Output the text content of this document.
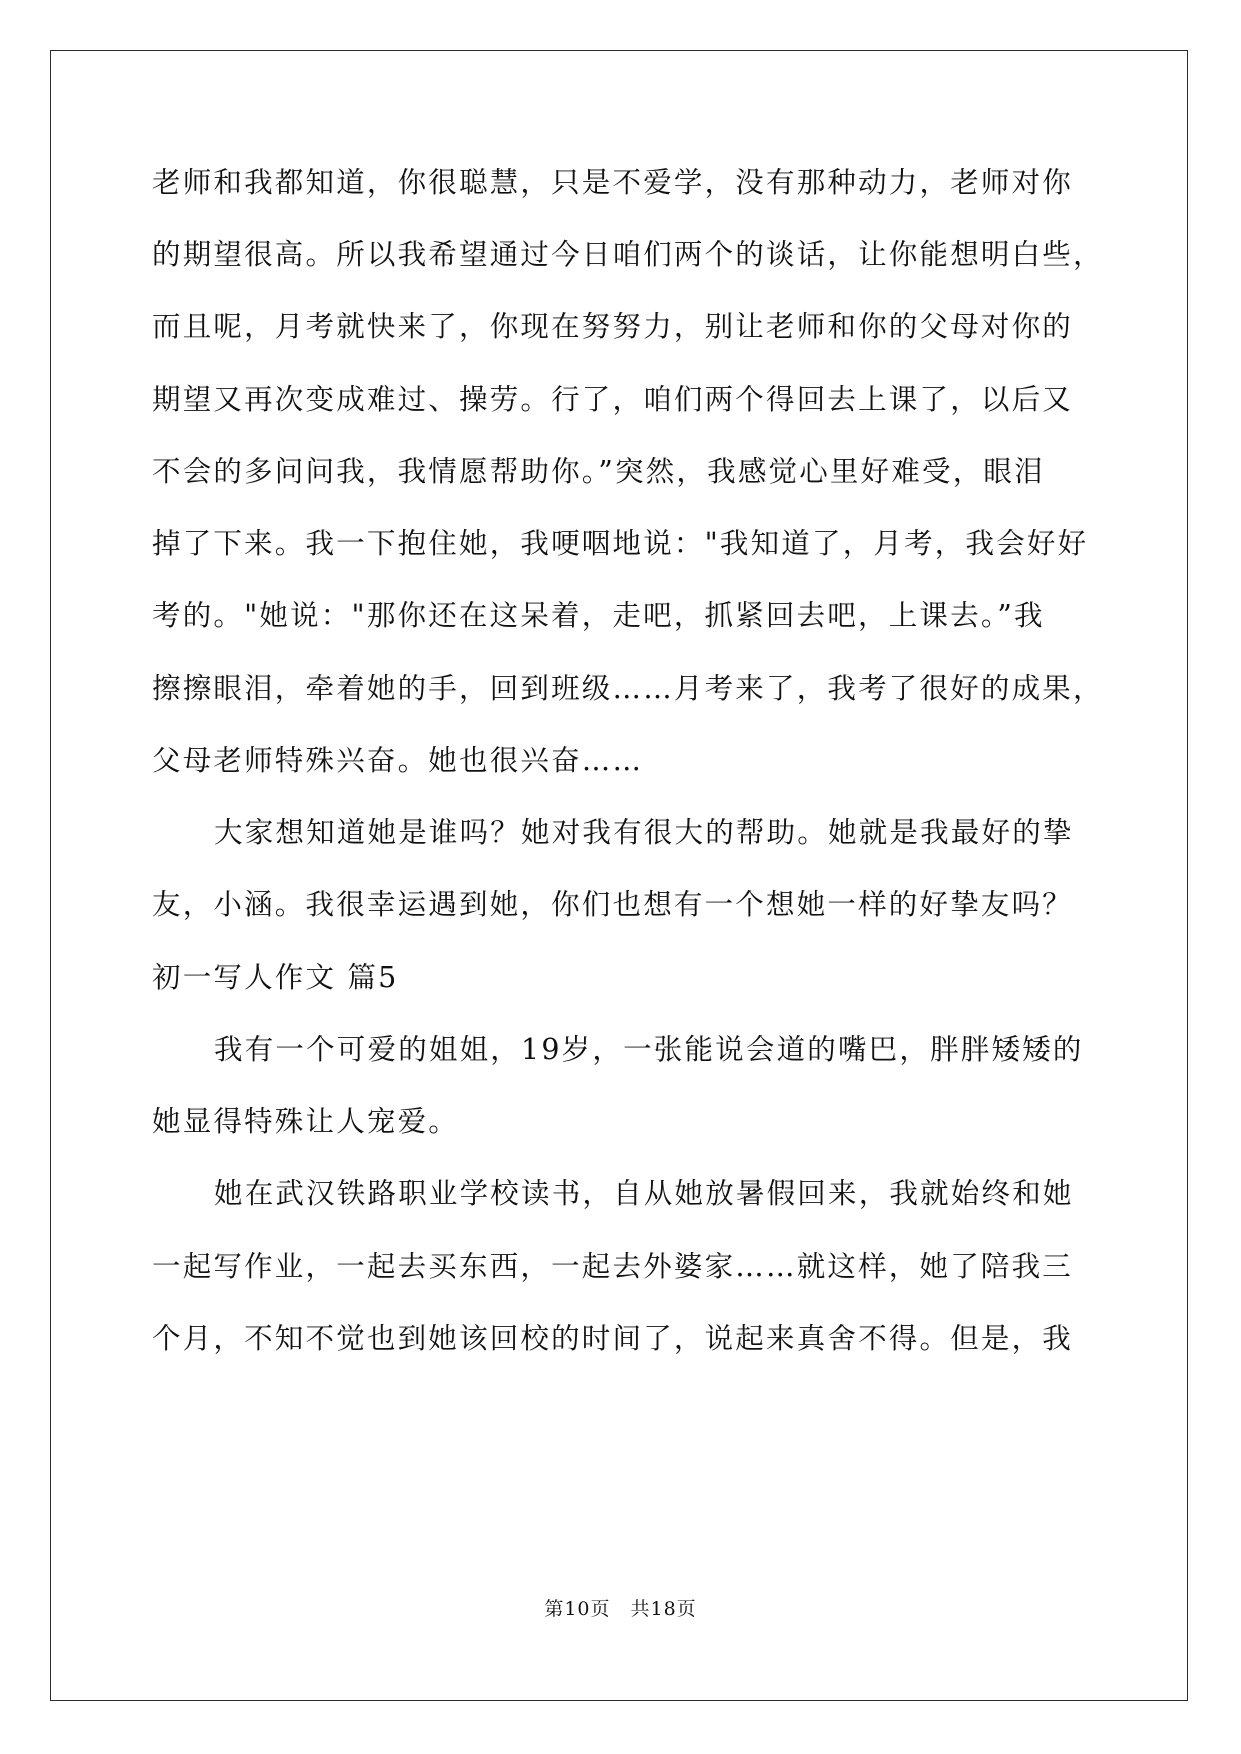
老师和我都知道，你很聪慧，只是不爱学，没有那种动力，老师对你
的期望很高。所以我希望通过今日咱们两个的谈话，让你能想明白些，
而且呢，月考就快来了，你现在努努力，别让老师和你的父母对你的
期望又再次变成难过、操劳。行了，咱们两个得回去上课了，以后又
不会的多问问我，我情愿帮助你。”突然，我感觉心里好难受，眼泪
掉了下来。我一下抱住她，我哽咽地说："我知道了，月考，我会好好
考的。"她说："那你还在这呆着，走吧，抓紧回去吧，上课去。”我
擦擦眼泪，牵着她的手，回到班级……月考来了，我考了很好的成果，
父母老师特殊兴奋。她也很兴奋……
大家想知道她是谁吗？她对我有很大的帮助。她就是我最好的挚
友，小涵。我很幸运遇到她，你们也想有一个想她一样的好挚友吗？
初一写人作文 篇5
我有一个可爱的姐姐，19岁，一张能说会道的嘴巴，胖胖矮矮的
她显得特殊让人宠爱。
她在武汉铁路职业学校读书，自从她放暑假回来，我就始终和她
一起写作业，一起去买东西，一起去外婆家……就这样，她了陪我三
个月，不知不觉也到她该回校的时间了，说起来真舍不得。但是，我
第10页 共18页
